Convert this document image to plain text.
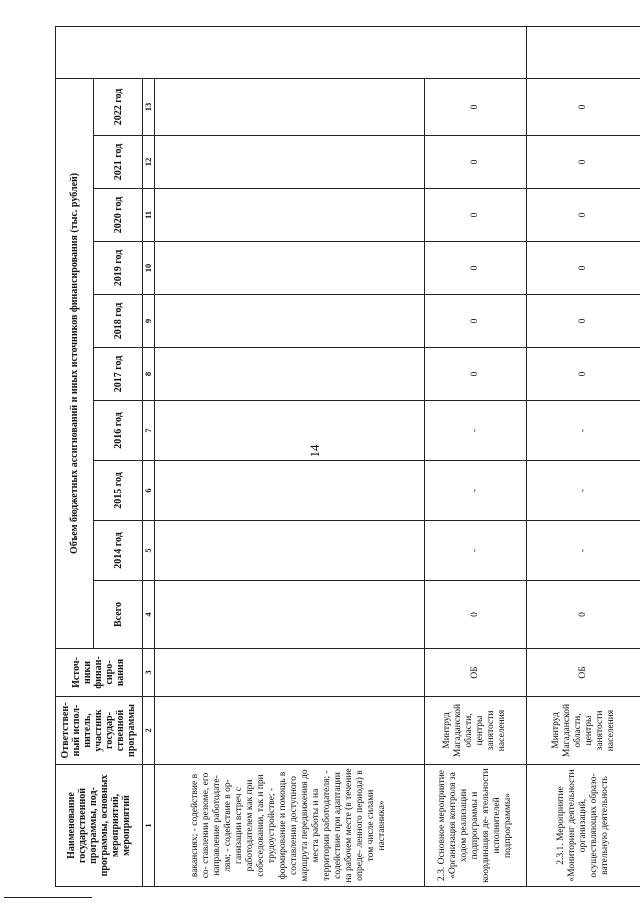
14
Наименование государственной программы, под- программы, основных мероприятий, мероприятий	Ответствен- ный испол- нитель, участник государ- ственной программы	Источ- ники финан- сиро- вания	Объем бюджетных ассигнований и иных источников финансирования (тыс. рублей)										
			Всего	2014 год	2015 год	2016 год	2017 год	2018 год	2019 год	2020 год	2021 год	2022 год	
1	2	3	4	5	6	7	8	9	10	11	12	13	
вакансиях; - содействие в со- ставлении резюме, его направление работодате- лям; - содействие в ор- ганизации встреч с работодателем как при собеседовании, так и при трудоустройстве; - формирование и помощь в составлении доступного маршрута передвижения до места работы и на территории работодателя; - содействие при адаптации на рабочем месте (в течение опреде- ленного периода) в том числе силами наставника»													
2.3. Основное мероприятие «Организация контроля за ходом реализации подпрограммы и координация де- ятельности исполнителей подпрограммы»	Минтруд Магаданской области, центры занятости населения	ОБ	0	-	-	-	0	0	0	0	0	0	
2.3.1. Мероприятие «Мониторинг деятельности организаций, осуществляющих образо- вательную деятельность	Минтруд Магаданской области, центры занятости населения	ОБ	0	-	-	-	0	0	0	0	0	0	
